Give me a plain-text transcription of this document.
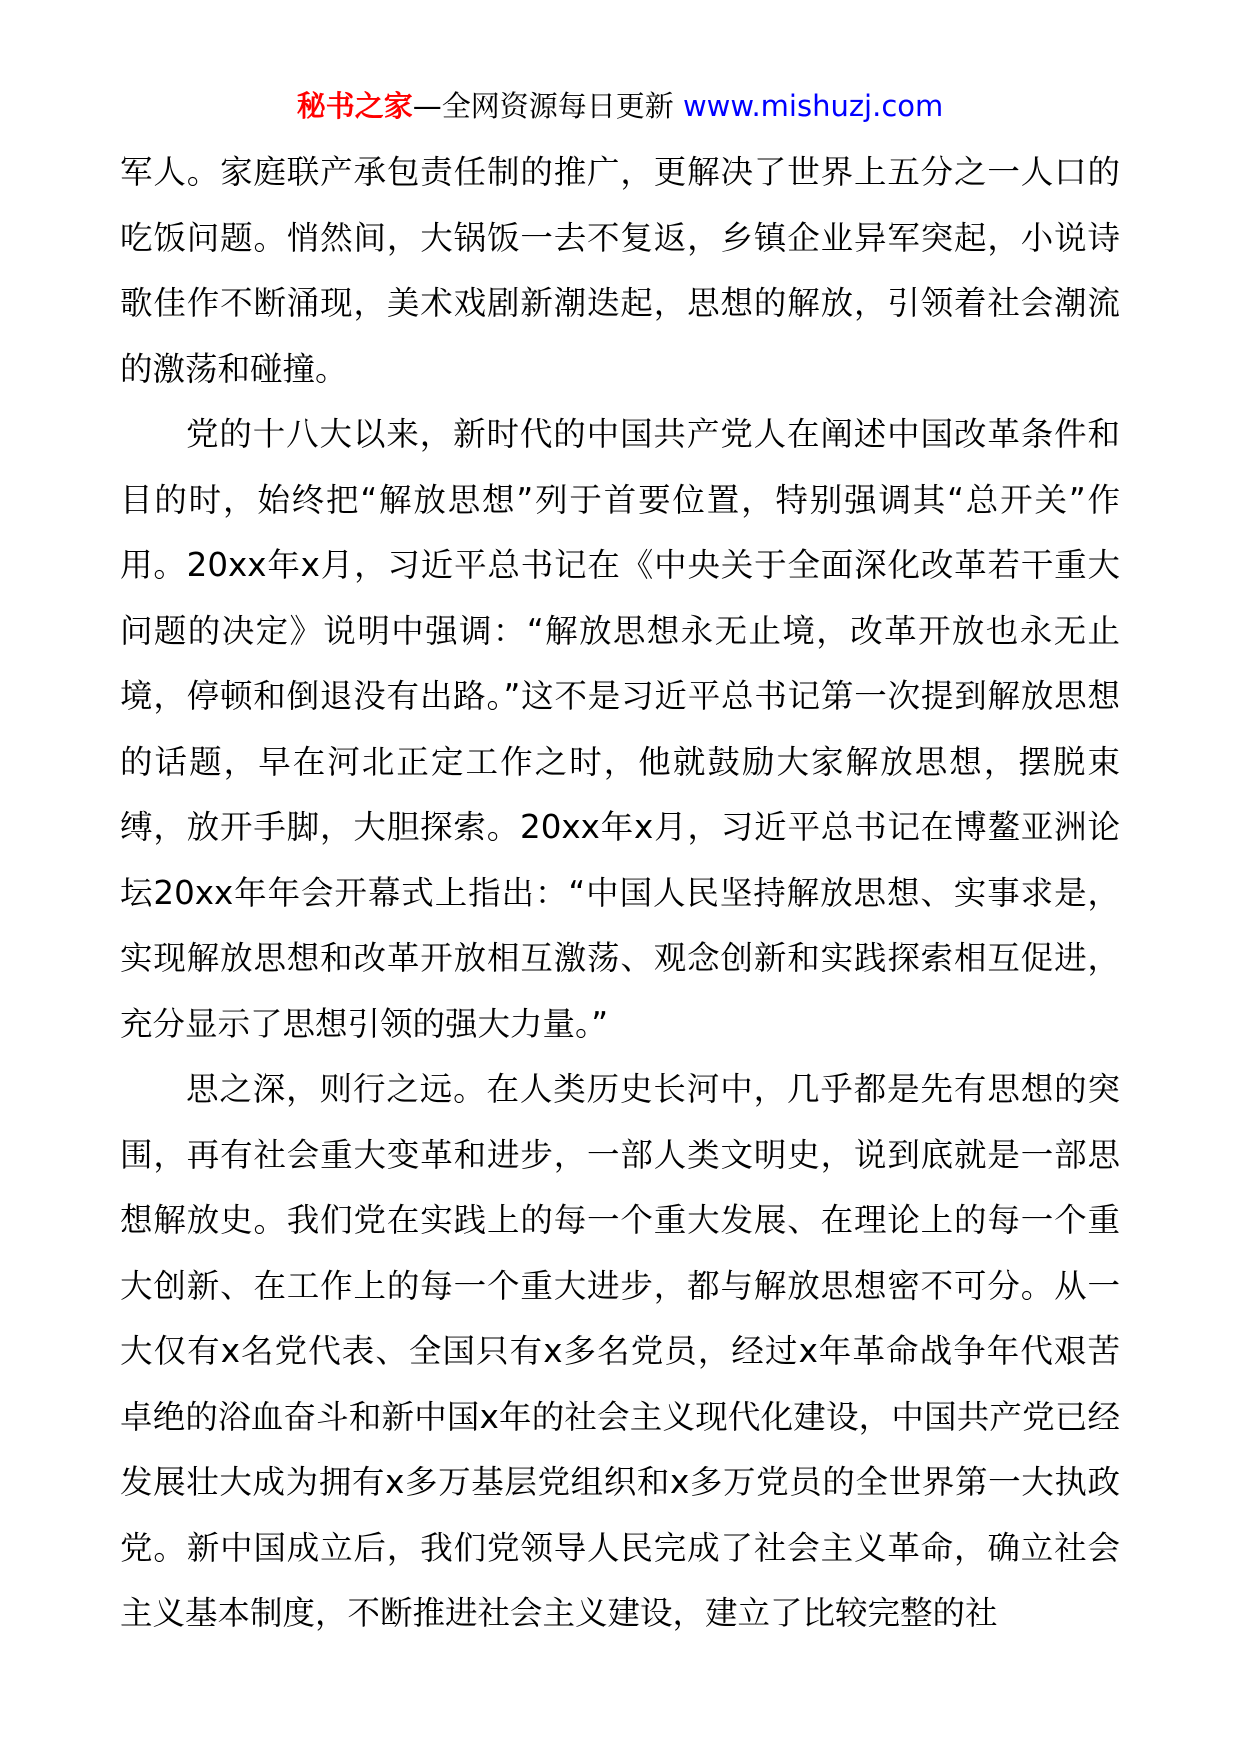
秘书之家—全网资源每日更新 www.mishuzj.com

军人。家庭联产承包责任制的推广，更解决了世界上五分之一人口的吃饭问题。悄然间，大锅饭一去不复返，乡镇企业异军突起，小说诗歌佳作不断涌现，美术戏剧新潮迭起，思想的解放，引领着社会潮流的激荡和碰撞。

党的十八大以来，新时代的中国共产党人在阐述中国改革条件和目的时，始终把“解放思想”列于首要位置，特别强调其“总开关”作用。20xx年x月，习近平总书记在《中央关于全面深化改革若干重大问题的决定》说明中强调：“解放思想永无止境，改革开放也永无止境，停顿和倒退没有出路。”这不是习近平总书记第一次提到解放思想的话题，早在河北正定工作之时，他就鼓励大家解放思想，摆脱束缚，放开手脚，大胆探索。20xx年x月，习近平总书记在博鳌亚洲论坛20xx年年会开幕式上指出：“中国人民坚持解放思想、实事求是，实现解放思想和改革开放相互激荡、观念创新和实践探索相互促进，充分显示了思想引领的强大力量。”

思之深，则行之远。在人类历史长河中，几乎都是先有思想的突围，再有社会重大变革和进步，一部人类文明史，说到底就是一部思想解放史。我们党在实践上的每一个重大发展、在理论上的每一个重大创新、在工作上的每一个重大进步，都与解放思想密不可分。从一大仅有x名党代表、全国只有x多名党员，经过x年革命战争年代艰苦卓绝的浴血奋斗和新中国x年的社会主义现代化建设，中国共产党已经发展壮大成为拥有x多万基层党组织和x多万党员的全世界第一大执政党。新中国成立后，我们党领导人民完成了社会主义革命，确立社会主义基本制度，不断推进社会主义建设，建立了比较完整的社
